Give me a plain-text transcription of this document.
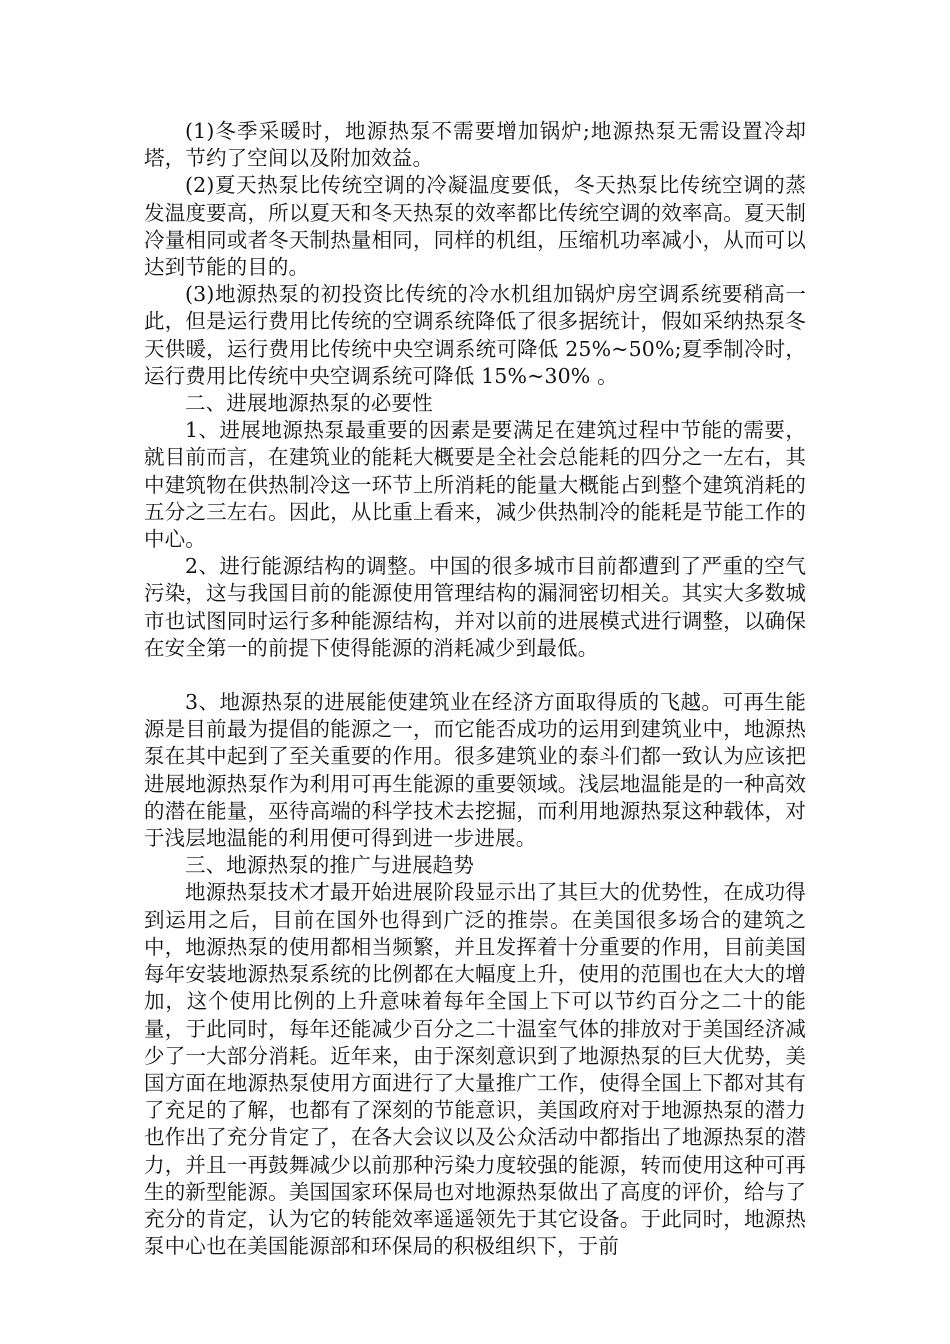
(1)冬季采暖时，地源热泵不需要增加锅炉;地源热泵无需设置冷却塔，节约了空间以及附加效益。

(2)夏天热泵比传统空调的冷凝温度要低，冬天热泵比传统空调的蒸发温度要高，所以夏天和冬天热泵的效率都比传统空调的效率高。夏天制冷量相同或者冬天制热量相同，同样的机组，压缩机功率减小，从而可以达到节能的目的。

(3)地源热泵的初投资比传统的冷水机组加锅炉房空调系统要稍高一此，但是运行费用比传统的空调系统降低了很多据统计，假如采纳热泵冬天供暖，运行费用比传统中央空调系统可降低 25%~50%;夏季制冷时，运行费用比传统中央空调系统可降低 15%~30% 。

二、进展地源热泵的必要性

1、进展地源热泵最重要的因素是要满足在建筑过程中节能的需要，就目前而言，在建筑业的能耗大概要是全社会总能耗的四分之一左右，其中建筑物在供热制冷这一环节上所消耗的能量大概能占到整个建筑消耗的五分之三左右。因此，从比重上看来，减少供热制冷的能耗是节能工作的中心。

2、进行能源结构的调整。中国的很多城市目前都遭到了严重的空气污染，这与我国目前的能源使用管理结构的漏洞密切相关。其实大多数城市也试图同时运行多种能源结构，并对以前的进展模式进行调整，以确保在安全第一的前提下使得能源的消耗减少到最低。

3、地源热泵的进展能使建筑业在经济方面取得质的飞越。可再生能源是目前最为提倡的能源之一，而它能否成功的运用到建筑业中，地源热泵在其中起到了至关重要的作用。很多建筑业的泰斗们都一致认为应该把进展地源热泵作为利用可再生能源的重要领域。浅层地温能是的一种高效的潜在能量，巫待高端的科学技术去挖掘，而利用地源热泵这种载体，对于浅层地温能的利用便可得到进一步进展。

三、地源热泵的推广与进展趋势

地源热泵技术才最开始进展阶段显示出了其巨大的优势性，在成功得到运用之后，目前在国外也得到广泛的推崇。在美国很多场合的建筑之中，地源热泵的使用都相当频繁，并且发挥着十分重要的作用，目前美国每年安装地源热泵系统的比例都在大幅度上升，使用的范围也在大大的增加，这个使用比例的上升意味着每年全国上下可以节约百分之二十的能量，于此同时，每年还能减少百分之二十温室气体的排放对于美国经济减少了一大部分消耗。近年来，由于深刻意识到了地源热泵的巨大优势，美国方面在地源热泵使用方面进行了大量推广工作，使得全国上下都对其有了充足的了解，也都有了深刻的节能意识，美国政府对于地源热泵的潜力也作出了充分肯定了，在各大会议以及公众活动中都指出了地源热泵的潜力，并且一再鼓舞减少以前那种污染力度较强的能源，转而使用这种可再生的新型能源。美国国家环保局也对地源热泵做出了高度的评价，给与了充分的肯定，认为它的转能效率遥遥领先于其它设备。于此同时，地源热泵中心也在美国能源部和环保局的积极组织下，于前
